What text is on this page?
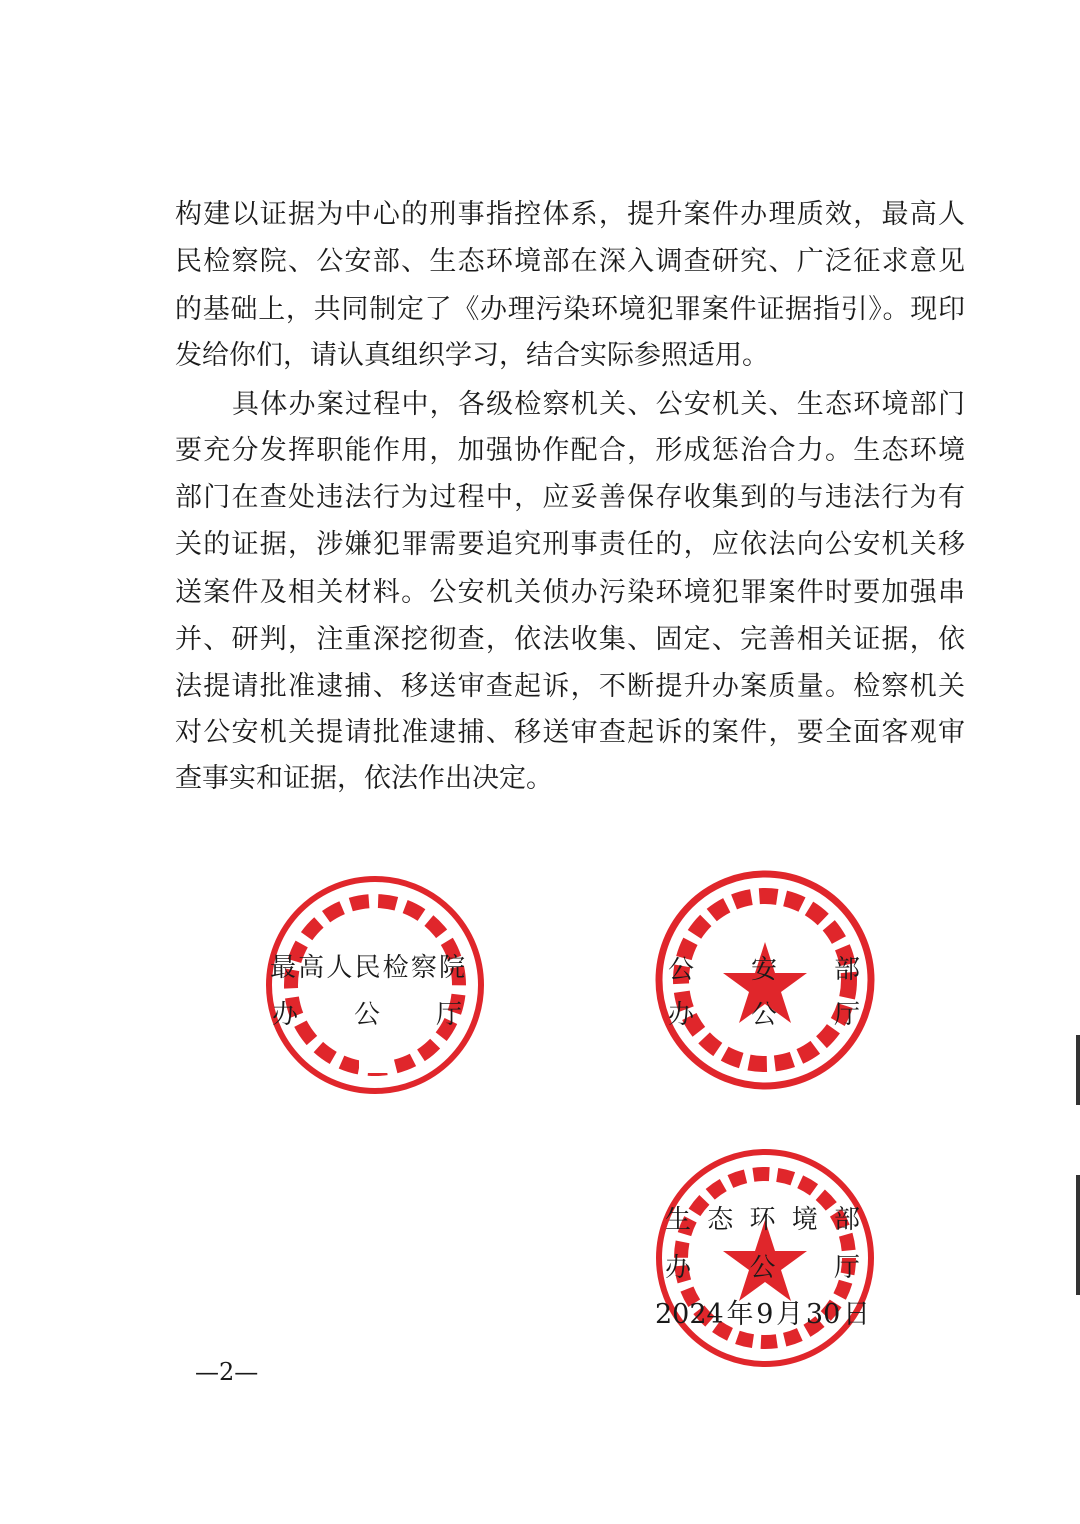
构建以证据为中心的刑事指控体系，提升案件办理质效，最高人
民检察院、公安部、生态环境部在深入调查研究、广泛征求意见
的基础上，共同制定了《办理污染环境犯罪案件证据指引》。现印
发给你们，请认真组织学习，结合实际参照适用。
具体办案过程中，各级检察机关、公安机关、生态环境部门
要充分发挥职能作用，加强协作配合，形成惩治合力。生态环境
部门在查处违法行为过程中，应妥善保存收集到的与违法行为有
关的证据，涉嫌犯罪需要追究刑事责任的，应依法向公安机关移
送案件及相关材料。公安机关侦办污染环境犯罪案件时要加强串
并、研判，注重深挖彻查，依法收集、固定、完善相关证据，依
法提请批准逮捕、移送审查起诉，不断提升办案质量。检察机关
对公安机关提请批准逮捕、移送审查起诉的案件，要全面客观审
查事实和证据，依法作出决定。
最高人民检察院
办公厅
公安部
办公厅
生态环境部
办公厅
2024年9月30日
—2—
